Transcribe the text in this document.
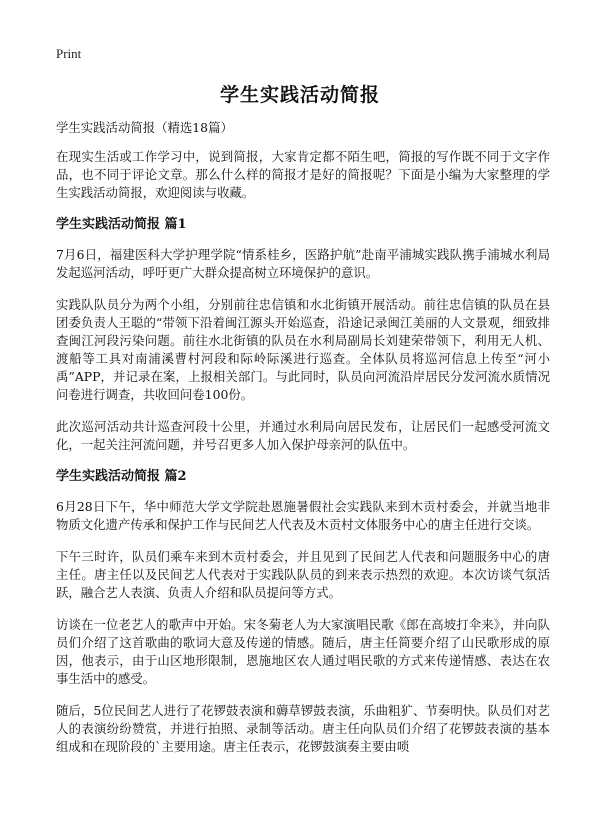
Print
学生实践活动简报

学生实践活动简报（精选18篇）

在现实生活或工作学习中，说到简报，大家肯定都不陌生吧，简报的写作既不同于文字作品，也不同于评论文章。那么什么样的简报才是好的简报呢？下面是小编为大家整理的学生实践活动简报，欢迎阅读与收藏。

学生实践活动简报 篇1

7月6日，福建医科大学护理学院“情系桂乡，医路护航”赴南平浦城实践队携手浦城水利局发起巡河活动，呼吁更广大群众提高树立环境保护的意识。

实践队队员分为两个小组，分别前往忠信镇和水北街镇开展活动。前往忠信镇的队员在县团委负责人王聪的“带领下沿着闽江源头开始巡查，沿途记录闽江美丽的人文景观，细致排查闽江河段污染问题。前往水北街镇的队员在水利局副局长刘建荣带领下，利用无人机、渡船等工具对南浦溪曹村河段和际岭际溪进行巡查。全体队员将巡河信息上传至“河小禹”APP，并记录在案，上报相关部门。与此同时，队员向河流沿岸居民分发河流水质情况问卷进行调查，共收回问卷100份。

此次巡河活动共计巡查河段十公里，并通过水利局向居民发布，让居民们一起感受河流文化，一起关注河流问题，并号召更多人加入保护母亲河的队伍中。

学生实践活动简报 篇2

6月28日下午，华中师范大学文学院赴恩施暑假社会实践队来到木贡村委会，并就当地非物质文化遗产传承和保护工作与民间艺人代表及木贡村文体服务中心的唐主任进行交谈。

下午三时许，队员们乘车来到木贡村委会，并且见到了民间艺人代表和问题服务中心的唐主任。唐主任以及民间艺人代表对于实践队队员的到来表示热烈的欢迎。本次访谈气氛活跃，融合艺人表演、负责人介绍和队员提问等方式。

访谈在一位老艺人的歌声中开始。宋冬菊老人为大家演唱民歌《郎在高坡打伞来》，并向队员们介绍了这首歌曲的歌词大意及传递的情感。随后，唐主任简要介绍了山民歌形成的原因，他表示，由于山区地形限制，恩施地区农人通过唱民歌的方式来传递情感、表达在农事生活中的感受。

随后，5位民间艺人进行了花锣鼓表演和薅草锣鼓表演，乐曲粗犷、节奏明快。队员们对艺人的表演纷纷赞赏，并进行拍照、录制等活动。唐主任向队员们介绍了花锣鼓表演的基本组成和在现阶段的`主要用途。唐主任表示，花锣鼓演奏主要由唢
